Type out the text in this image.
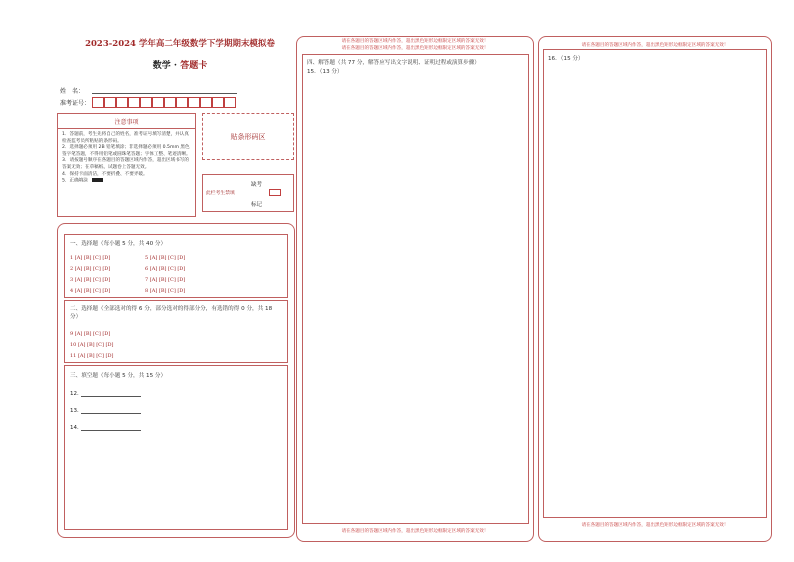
2023-2024 学年高二年级数学下学期期末模拟卷
数学 · 答题卡
姓　名：
准考证号：
注意事项
1．答题前，考生先将自己的姓名，准考证号填写清楚，并认真检查监考员所粘贴的条形码。
2．选择题必须用 2B 铅笔填涂；非选择题必须用 0.5mm 黑色签字笔答题，不得用铅笔或圆珠笔答题；字体工整、笔迹清晰。
3．请按题号顺序在各题目的答题区域内作答，超出区域书写的答案无效；在草稿纸、试题卷上答题无效。
4．保持卡面清洁，不要折叠、不要弄破。
5．正确填涂
贴条形码区
缺考
此栏考生禁填
标记
一、选择题（每小题 5 分，共 40 分）
1 [A] [B] [C] [D]	5 [A] [B] [C] [D]
2 [A] [B] [C] [D]	6 [A] [B] [C] [D]
3 [A] [B] [C] [D]	7 [A] [B] [C] [D]
4 [A] [B] [C] [D]	8 [A] [B] [C] [D]
二、选择题（全部选对的得 6 分，部分选对的得部分分，有选错的得 0 分，共 18 分）
9 [A] [B] [C] [D]
10 [A] [B] [C] [D]
11 [A] [B] [C] [D]
三、填空题（每小题 5 分，共 15 分）
12．
13．
14．
请在各题目的答题区域内作答，超出黑色矩形边框限定区域的答案无效！
请在各题目的答题区域内作答，超出黑色矩形边框限定区域的答案无效！
四、解答题（共 77 分，解答应写出文字说明、证明过程或演算步骤）
15．（13 分）
请在各题目的答题区域内作答，超出黑色矩形边框限定区域的答案无效！
请在各题目的答题区域内作答，超出黑色矩形边框限定区域的答案无效！
16．（15 分）
请在各题目的答题区域内作答，超出黑色矩形边框限定区域的答案无效！
